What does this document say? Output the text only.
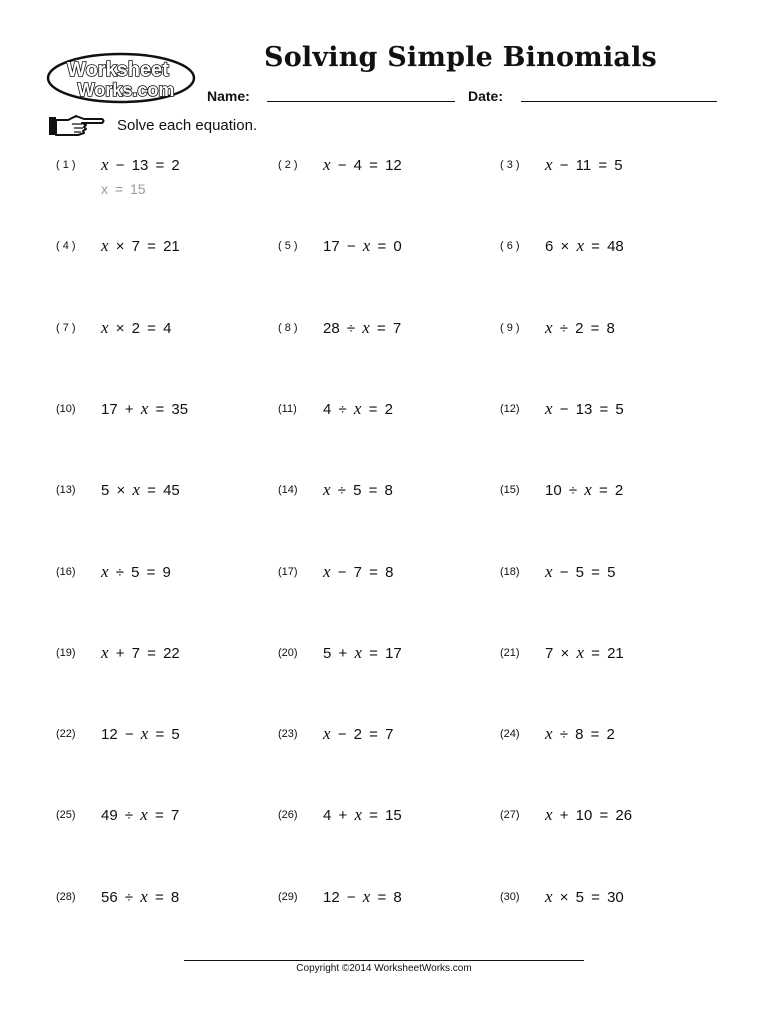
Worksheet
Works.com
Solving Simple Binomials
Name:	Date:
Solve each equation.
( 1 ) x − 13 = 2	( 2 ) x − 4 = 12	( 3 ) x − 11 = 5
( 4 ) x × 7 = 21	( 5 ) 17 − x = 0	( 6 ) 6 × x = 48
( 7 ) x × 2 = 4	( 8 ) 28 ÷ x = 7	( 9 ) x ÷ 2 = 8
(10) 17 + x = 35	(11) 4 ÷ x = 2	(12) x − 13 = 5
(13) 5 × x = 45	(14) x ÷ 5 = 8	(15) 10 ÷ x = 2
(16) x ÷ 5 = 9	(17) x − 7 = 8	(18) x − 5 = 5
(19) x + 7 = 22	(20) 5 + x = 17	(21) 7 × x = 21
(22) 12 − x = 5	(23) x − 2 = 7	(24) x ÷ 8 = 2
(25) 49 ÷ x = 7	(26) 4 + x = 15	(27) x + 10 = 26
(28) 56 ÷ x = 8	(29) 12 − x = 8	(30) x × 5 = 30
x = 15
Copyright ©2014 WorksheetWorks.com
